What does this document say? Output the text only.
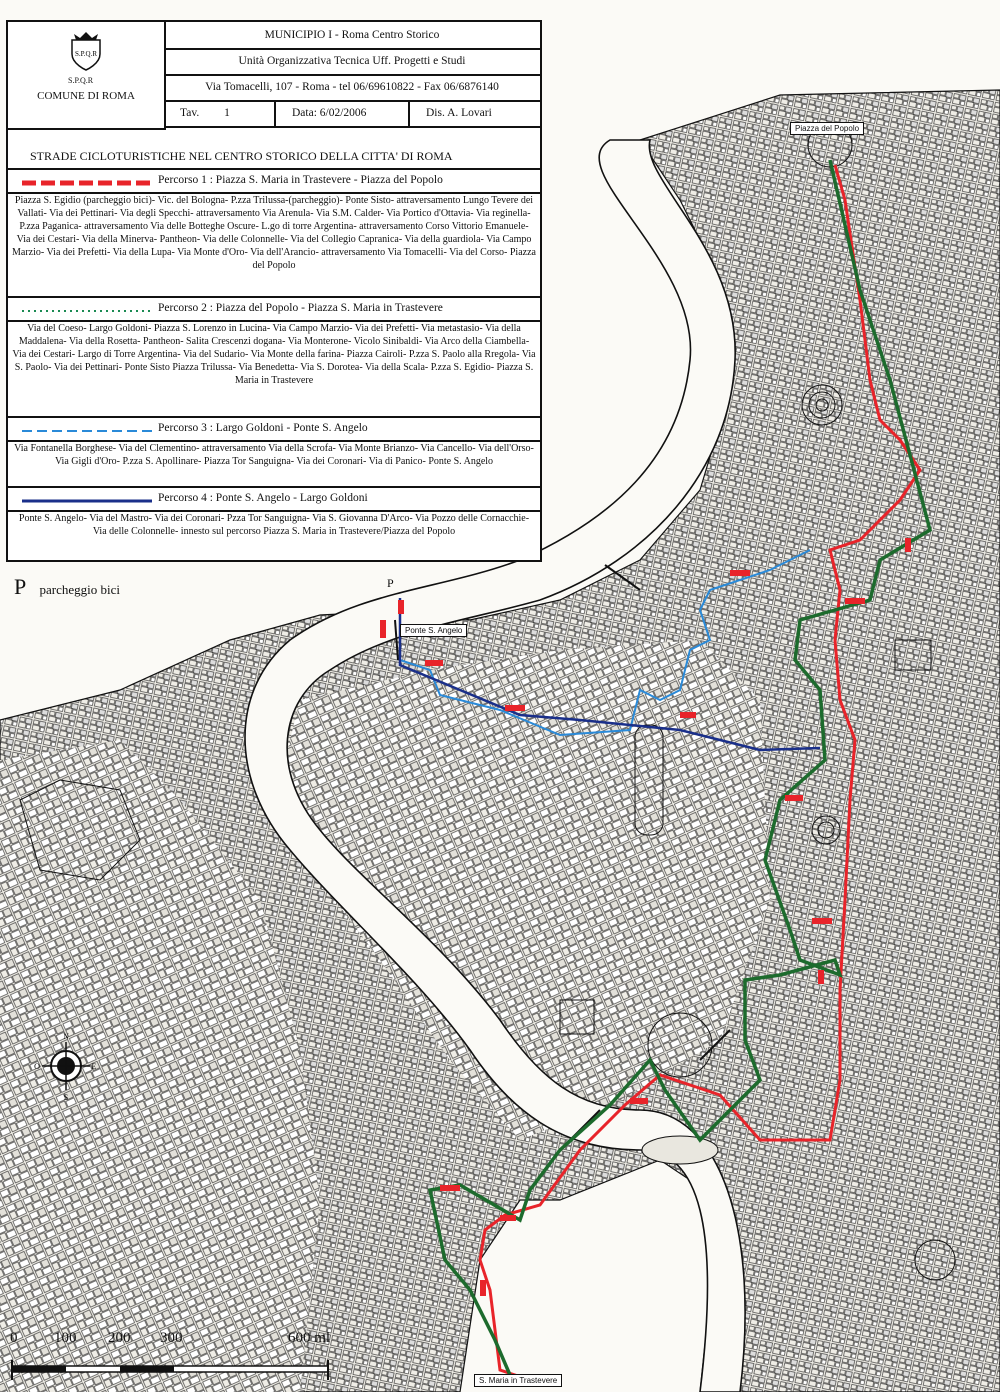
S.P.Q.R
S.P.Q.R
COMUNE DI ROMA
MUNICIPIO I - Roma Centro Storico
Unità Organizzativa Tecnica Uff. Progetti e Studi
Via Tomacelli, 107 - Roma - tel 06/69610822 - Fax 06/6876140
Tav. 1	Data: 6/02/2006	Dis. A. Lovari
STRADE CICLOTURISTICHE NEL CENTRO STORICO DELLA CITTA' DI ROMA
Percorso 1 : Piazza S. Maria in Trastevere - Piazza del Popolo
Piazza S. Egidio (parcheggio bici)- Vic. del Bologna- P.zza Trilussa-(parcheggio)- Ponte Sisto- attraversamento Lungo Tevere dei Vallati- Via dei Pettinari- Via degli Specchi- attraversamento Via Arenula- Via S.M. Calder- Via Portico d'Ottavia- Via reginella- P.zza Paganica- attraversamento Via delle Botteghe Oscure- L.go di torre Argentina- attraversamento Corso Vittorio Emanuele- Via dei Cestari- Via della Minerva- Pantheon- Via delle Colonnelle- Via del Collegio Capranica- Via della guardiola- Via Campo Marzio- Via dei Prefetti- Via della Lupa- Via Monte d'Oro- Via dell'Arancio- attraversamento Via Tomacelli- Via del Corso- Piazza del Popolo
Percorso 2 : Piazza del Popolo - Piazza S. Maria in Trastevere
Via del Coeso- Largo Goldoni- Piazza S. Lorenzo in Lucina- Via Campo Marzio- Via dei Prefetti- Via metastasio- Via della Maddalena- Via della Rosetta- Pantheon- Salita Crescenzi dogana- Via Monterone- Vicolo Sinibaldi- Via Arco della Ciambella- Via dei Cestari- Largo di Torre Argentina- Via del Sudario- Via Monte della farina- Piazza Cairoli- P.zza S. Paolo alla Rregola- Via S. Paolo- Via dei Pettinari- Ponte Sisto Piazza Trilussa- Via Benedetta- Via S. Dorotea- Via della Scala- P.zza S. Egidio- Piazza S. Maria in Trastevere
Percorso 3 : Largo Goldoni - Ponte S. Angelo
Via Fontanella Borghese- Via del Clementino- attraversamento Via della Scrofa- Via Monte Brianzo- Via Cancello- Via dell'Orso- Via Gigli d'Oro- P.zza S. Apollinare- Piazza Tor Sanguigna- Via dei Coronari- Via di Panico- Ponte S. Angelo
Percorso 4 : Ponte S. Angelo - Largo Goldoni
Ponte S. Angelo- Via del Mastro- Via dei Coronari- Pzza Tor Sanguigna- Via S. Giovanna D'Arco- Via Pozzo delle Cornacchie- Via delle Colonnelle- innesto sul percorso Piazza S. Maria in Trastevere/Piazza del Popolo
P parcheggio bici
Piazza del Popolo
Ponte S. Angelo
S. Maria in Trastevere
P
N
S
E
O
0 100 200 300	600 ml
